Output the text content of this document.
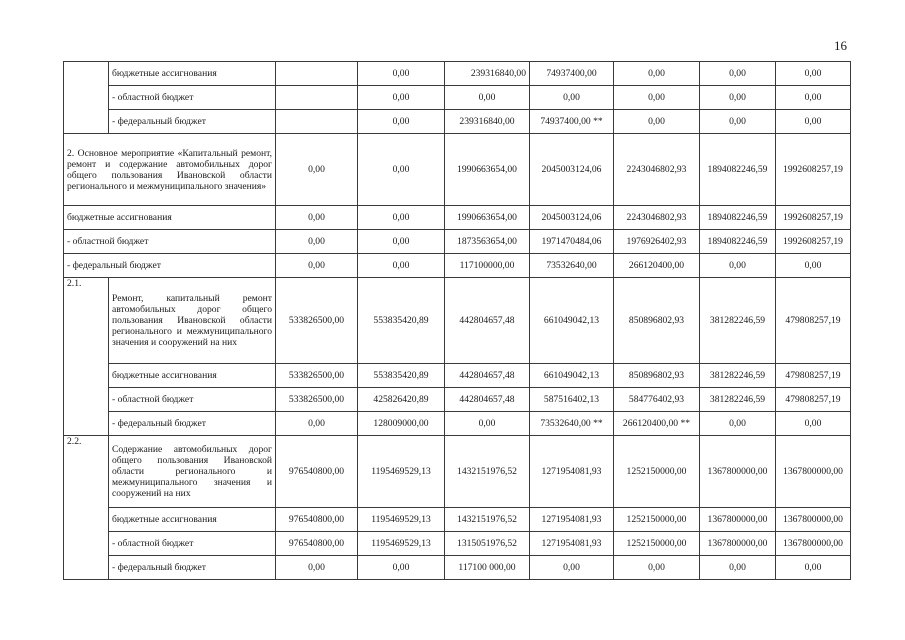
16
	бюджетные ассигнования		0,00	239316840,00	74937400,00	0,00	0,00	0,00
	- областной бюджет		0,00	0,00	0,00	0,00	0,00	0,00
	- федеральный бюджет		0,00	239316840,00	74937400,00 **	0,00	0,00	0,00
2. Основное мероприятие «Капитальный ремонт, ремонт и содержание автомобильных дорог общего пользования Ивановской области регионального и межмуниципального значения»		0,00	0,00	1990663654,00	2045003124,06	2243046802,93	1894082246,59	1992608257,19
бюджетные ассигнования		0,00	0,00	1990663654,00	2045003124,06	2243046802,93	1894082246,59	1992608257,19
- областной бюджет		0,00	0,00	1873563654,00	1971470484,06	1976926402,93	1894082246,59	1992608257,19
- федеральный бюджет		0,00	0,00	117100000,00	73532640,00	266120400,00	0,00	0,00
2.1.	Ремонт, капитальный ремонт автомобильных дорог общего пользования Ивановской области регионального и межмуниципального значения и сооружений на них	533826500,00	553835420,89	442804657,48	661049042,13	850896802,93	381282246,59	479808257,19
	бюджетные ассигнования	533826500,00	553835420,89	442804657,48	661049042,13	850896802,93	381282246,59	479808257,19
	- областной бюджет	533826500,00	425826420,89	442804657,48	587516402,13	584776402,93	381282246,59	479808257,19
	- федеральный бюджет	0,00	128009000,00	0,00	73532640,00 **	266120400,00 **	0,00	0,00
2.2.	Содержание автомобильных дорог общего пользования Ивановской области регионального и межмуниципального значения и сооружений на них	976540800,00	1195469529,13	1432151976,52	1271954081,93	1252150000,00	1367800000,00	1367800000,00
	бюджетные ассигнования	976540800,00	1195469529,13	1432151976,52	1271954081,93	1252150000,00	1367800000,00	1367800000,00
	- областной бюджет	976540800,00	1195469529,13	1315051976,52	1271954081,93	1252150000,00	1367800000,00	1367800000,00
	- федеральный бюджет	0,00	0,00	117100 000,00	0,00	0,00	0,00	0,00
